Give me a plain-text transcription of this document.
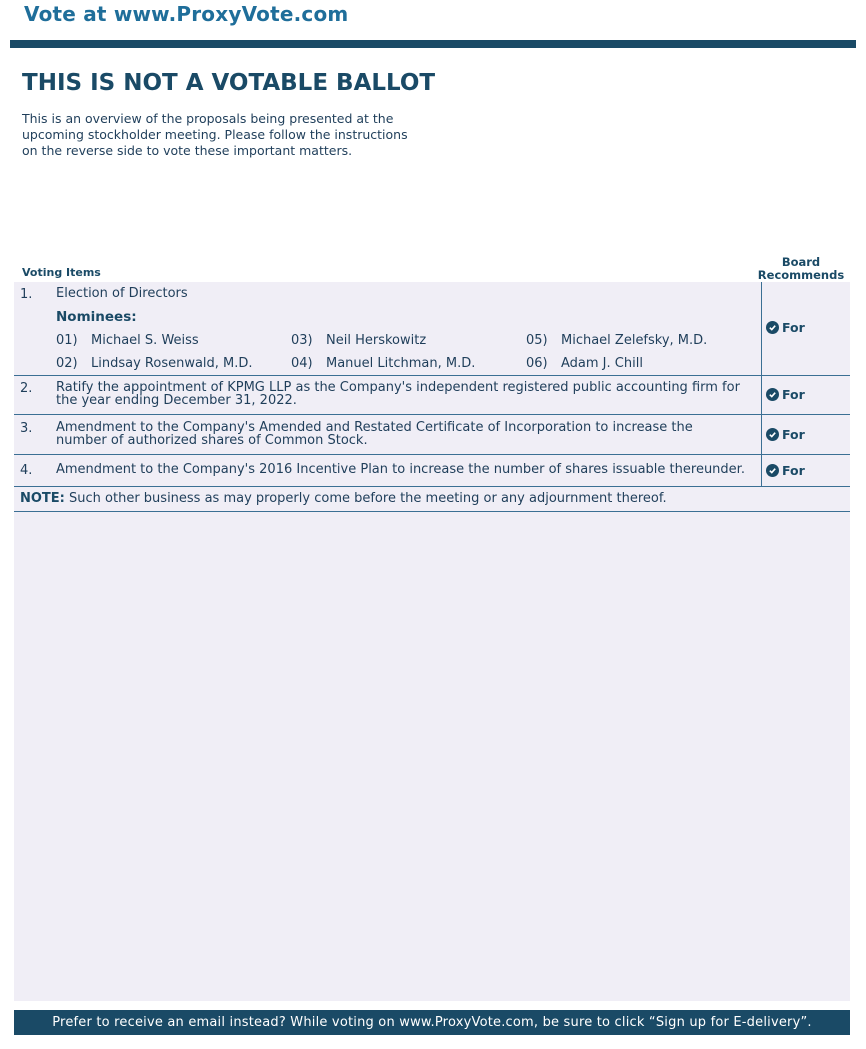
Vote at www.ProxyVote.com
THIS IS NOT A VOTABLE BALLOT
This is an overview of the proposals being presented at the upcoming stockholder meeting. Please follow the instructions on the reverse side to vote these important matters.
Voting Items
Board
Recommends
1. Election of Directors
Nominees:
01)	Michael S. Weiss
02)	Lindsay Rosenwald, M.D.
03)	Neil Herskowitz
04)	Manuel Litchman, M.D.
05)	Michael Zelefsky, M.D.
06)	Adam J. Chill
For
2. Ratify the appointment of KPMG LLP as the Company's independent registered public accounting firm for the year ending December 31, 2022.	For
3. Amendment to the Company's Amended and Restated Certificate of Incorporation to increase the number of authorized shares of Common Stock.	For
4. Amendment to the Company's 2016 Incentive Plan to increase the number of shares issuable thereunder.	For
NOTE: Such other business as may properly come before the meeting or any adjournment thereof.
Prefer to receive an email instead? While voting on www.ProxyVote.com, be sure to click “Sign up for E-delivery”.
